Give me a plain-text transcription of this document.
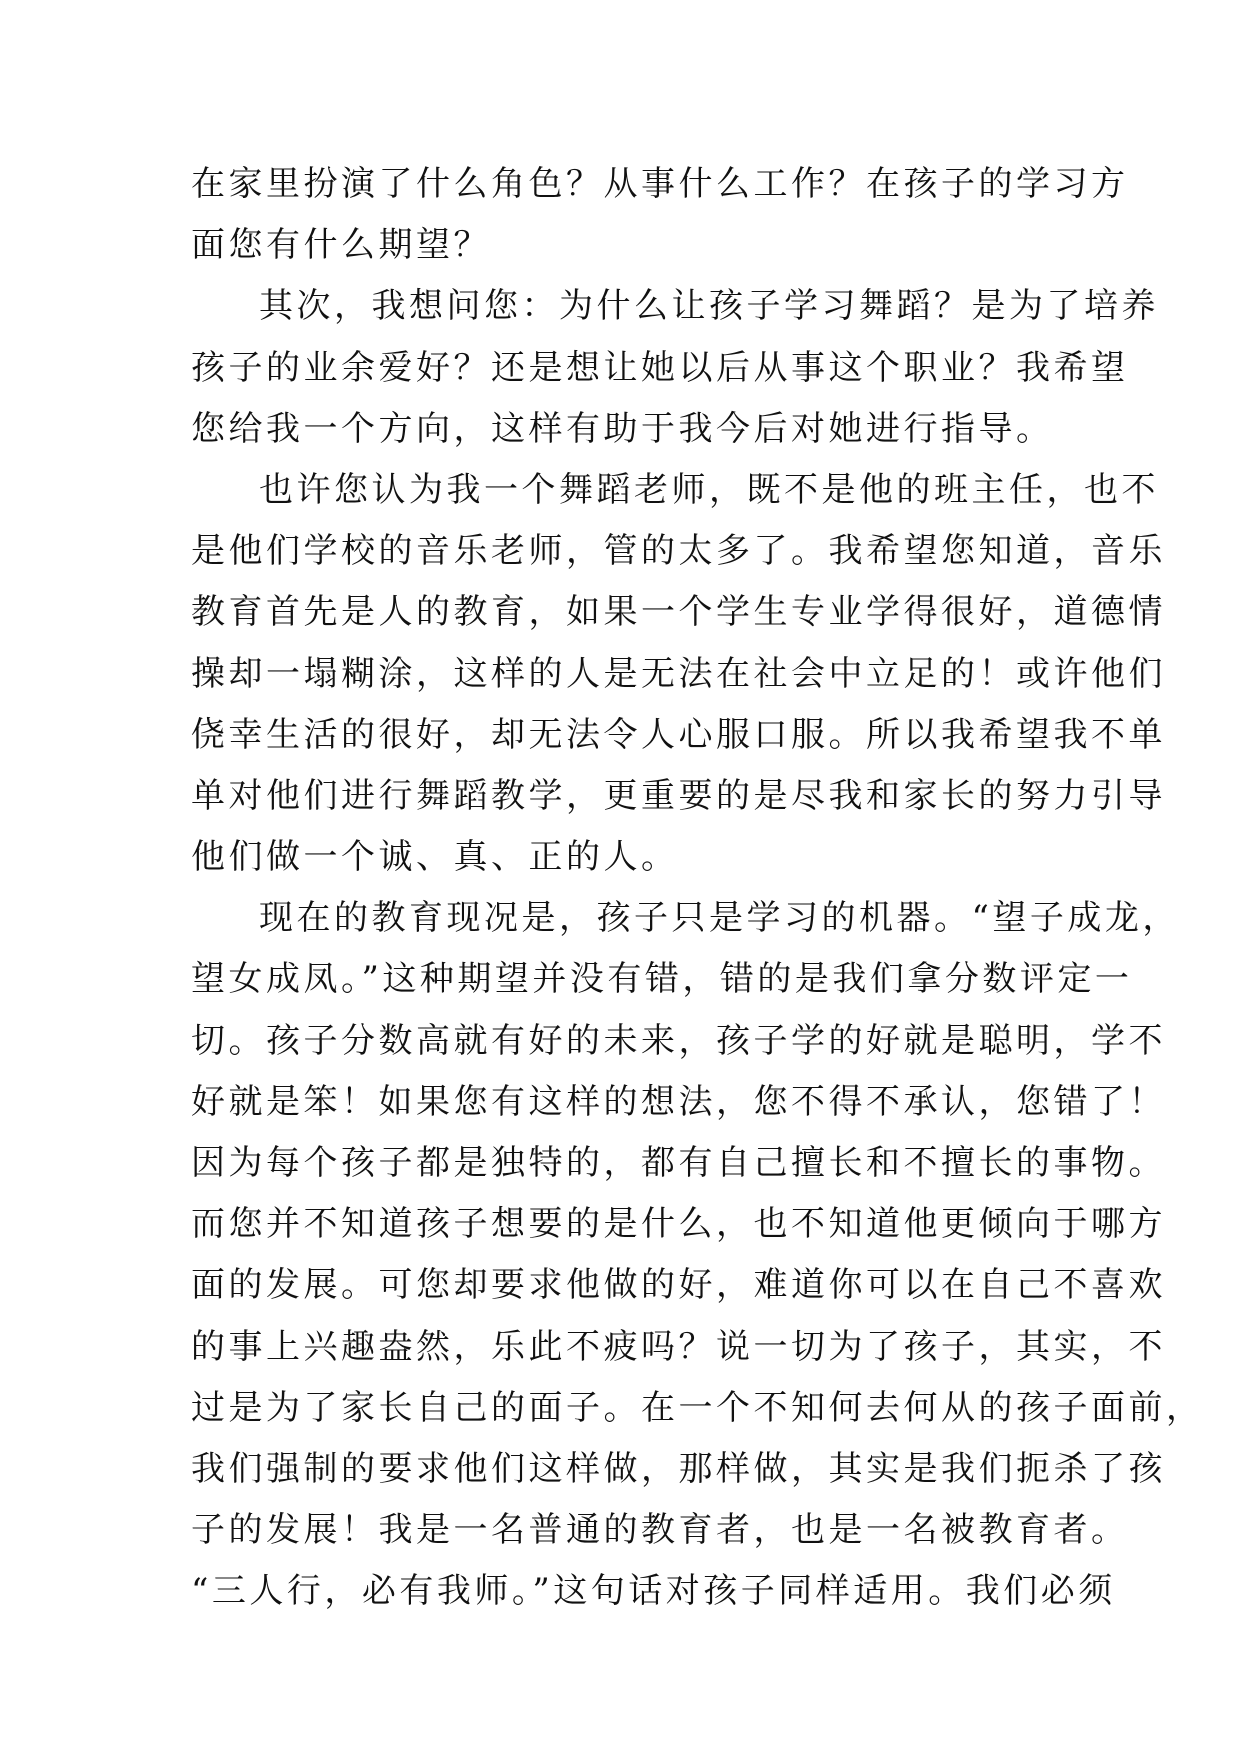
在家里扮演了什么角色？从事什么工作？在孩子的学习方
面您有什么期望？
其次，我想问您：为什么让孩子学习舞蹈？是为了培养
孩子的业余爱好？还是想让她以后从事这个职业？我希望
您给我一个方向，这样有助于我今后对她进行指导。
也许您认为我一个舞蹈老师，既不是他的班主任，也不
是他们学校的音乐老师，管的太多了。我希望您知道，音乐
教育首先是人的教育，如果一个学生专业学得很好，道德情
操却一塌糊涂，这样的人是无法在社会中立足的！或许他们
侥幸生活的很好，却无法令人心服口服。所以我希望我不单
单对他们进行舞蹈教学，更重要的是尽我和家长的努力引导
他们做一个诚、真、正的人。
现在的教育现况是，孩子只是学习的机器。“望子成龙，
望女成凤。”这种期望并没有错，错的是我们拿分数评定一
切。孩子分数高就有好的未来，孩子学的好就是聪明，学不
好就是笨！如果您有这样的想法，您不得不承认，您错了！
因为每个孩子都是独特的，都有自己擅长和不擅长的事物。
而您并不知道孩子想要的是什么，也不知道他更倾向于哪方
面的发展。可您却要求他做的好，难道你可以在自己不喜欢
的事上兴趣盎然，乐此不疲吗？说一切为了孩子，其实，不
过是为了家长自己的面子。在一个不知何去何从的孩子面前，
我们强制的要求他们这样做，那样做，其实是我们扼杀了孩
子的发展！我是一名普通的教育者，也是一名被教育者。
“三人行，必有我师。”这句话对孩子同样适用。我们必须
